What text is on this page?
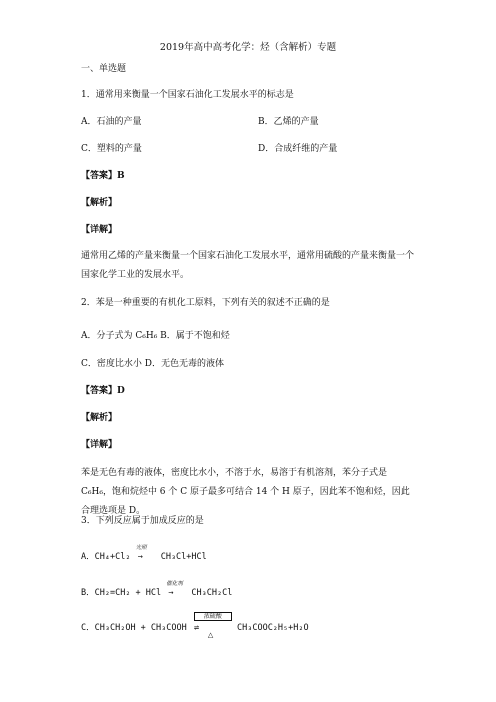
2019年高中高考化学：烃（含解析）专题
一、单选题
1．通常用来衡量一个国家石油化工发展水平的标志是
A．石油的产量	B．乙烯的产量
C．塑料的产量	D．合成纤维的产量
【答案】B
【解析】
【详解】
通常用乙烯的产量来衡量一个国家石油化工发展水平，通常用硫酸的产量来衡量一个国家化学工业的发展水平。
2．苯是一种重要的有机化工原料，下列有关的叙述不正确的是
A．分子式为 C₆H₆ B．属于不饱和烃
C．密度比水小 D．无色无毒的液体
【答案】D
【解析】
【详解】
苯是无色有毒的液体，密度比水小，不溶于水，易溶于有机溶剂，苯分子式是 C₆H₆，饱和烷烃中 6 个 C 原子最多可结合 14 个 H 原子，因此苯不饱和烃，因此合理选项是 D。
3．下列反应属于加成反应的是
A．CH₄+Cl₂
光照
→ CH₃Cl+HCl
B．CH₂=CH₂ + HCl
催化剂
→ CH₃CH₂Cl
C．CH₃CH₂OH + CH₃COOH
浓硫酸
⇌
△
CH₃COOC₂H₅+H₂O
